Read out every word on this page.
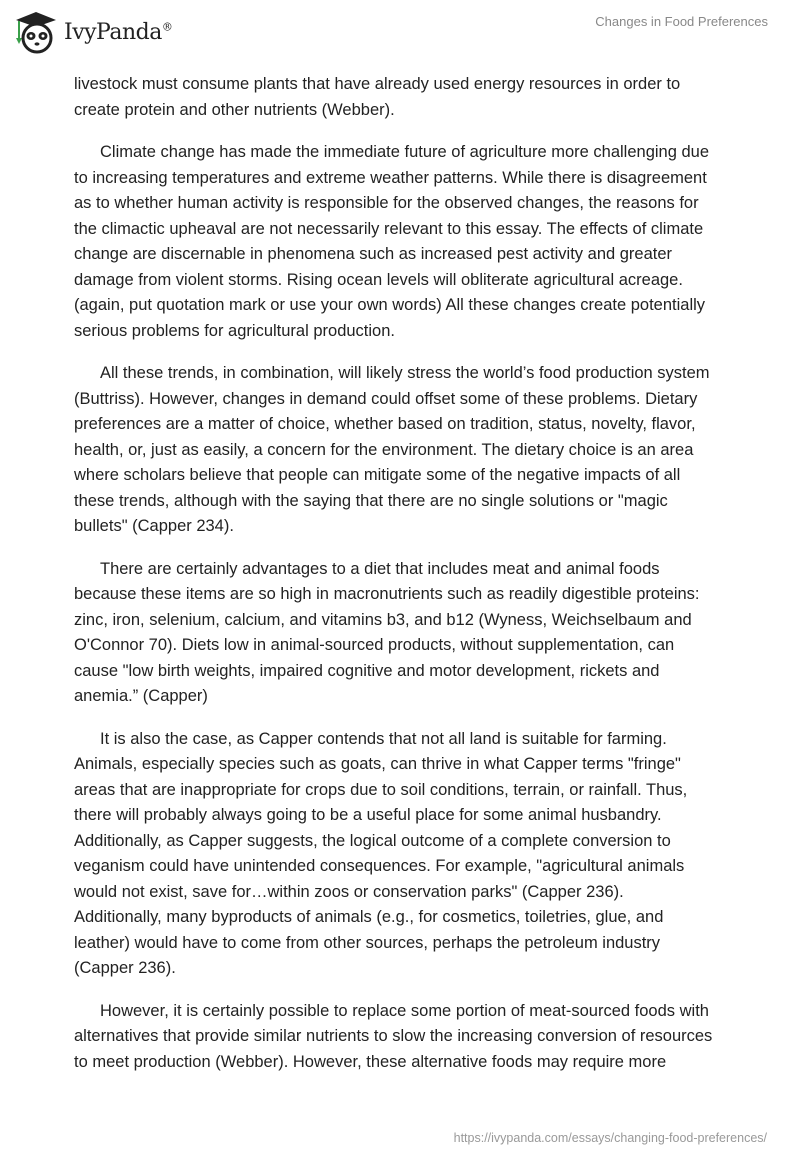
IvyPanda®	Changes in Food Preferences
livestock must consume plants that have already used energy resources in order to
create protein and other nutrients (Webber).
Climate change has made the immediate future of agriculture more challenging due
to increasing temperatures and extreme weather patterns. While there is disagreement
as to whether human activity is responsible for the observed changes, the reasons for
the climactic upheaval are not necessarily relevant to this essay. The effects of climate
change are discernable in phenomena such as increased pest activity and greater
damage from violent storms. Rising ocean levels will obliterate agricultural acreage.
(again, put quotation mark or use your own words) All these changes create potentially
serious problems for agricultural production.
All these trends, in combination, will likely stress the world’s food production system
(Buttriss). However, changes in demand could offset some of these problems. Dietary
preferences are a matter of choice, whether based on tradition, status, novelty, flavor,
health, or, just as easily, a concern for the environment. The dietary choice is an area
where scholars believe that people can mitigate some of the negative impacts of all
these trends, although with the saying that there are no single solutions or "magic
bullets" (Capper 234).
There are certainly advantages to a diet that includes meat and animal foods
because these items are so high in macronutrients such as readily digestible proteins:
zinc, iron, selenium, calcium, and vitamins b3, and b12 (Wyness, Weichselbaum and
O'Connor 70). Diets low in animal-sourced products, without supplementation, can
cause "low birth weights, impaired cognitive and motor development, rickets and
anemia.” (Capper)
It is also the case, as Capper contends that not all land is suitable for farming.
Animals, especially species such as goats, can thrive in what Capper terms "fringe"
areas that are inappropriate for crops due to soil conditions, terrain, or rainfall. Thus,
there will probably always going to be a useful place for some animal husbandry.
Additionally, as Capper suggests, the logical outcome of a complete conversion to
veganism could have unintended consequences. For example, "agricultural animals
would not exist, save for…within zoos or conservation parks" (Capper 236).
Additionally, many byproducts of animals (e.g., for cosmetics, toiletries, glue, and
leather) would have to come from other sources, perhaps the petroleum industry
(Capper 236).
However, it is certainly possible to replace some portion of meat-sourced foods with
alternatives that provide similar nutrients to slow the increasing conversion of resources
to meet production (Webber). However, these alternative foods may require more
https://ivypanda.com/essays/changing-food-preferences/
